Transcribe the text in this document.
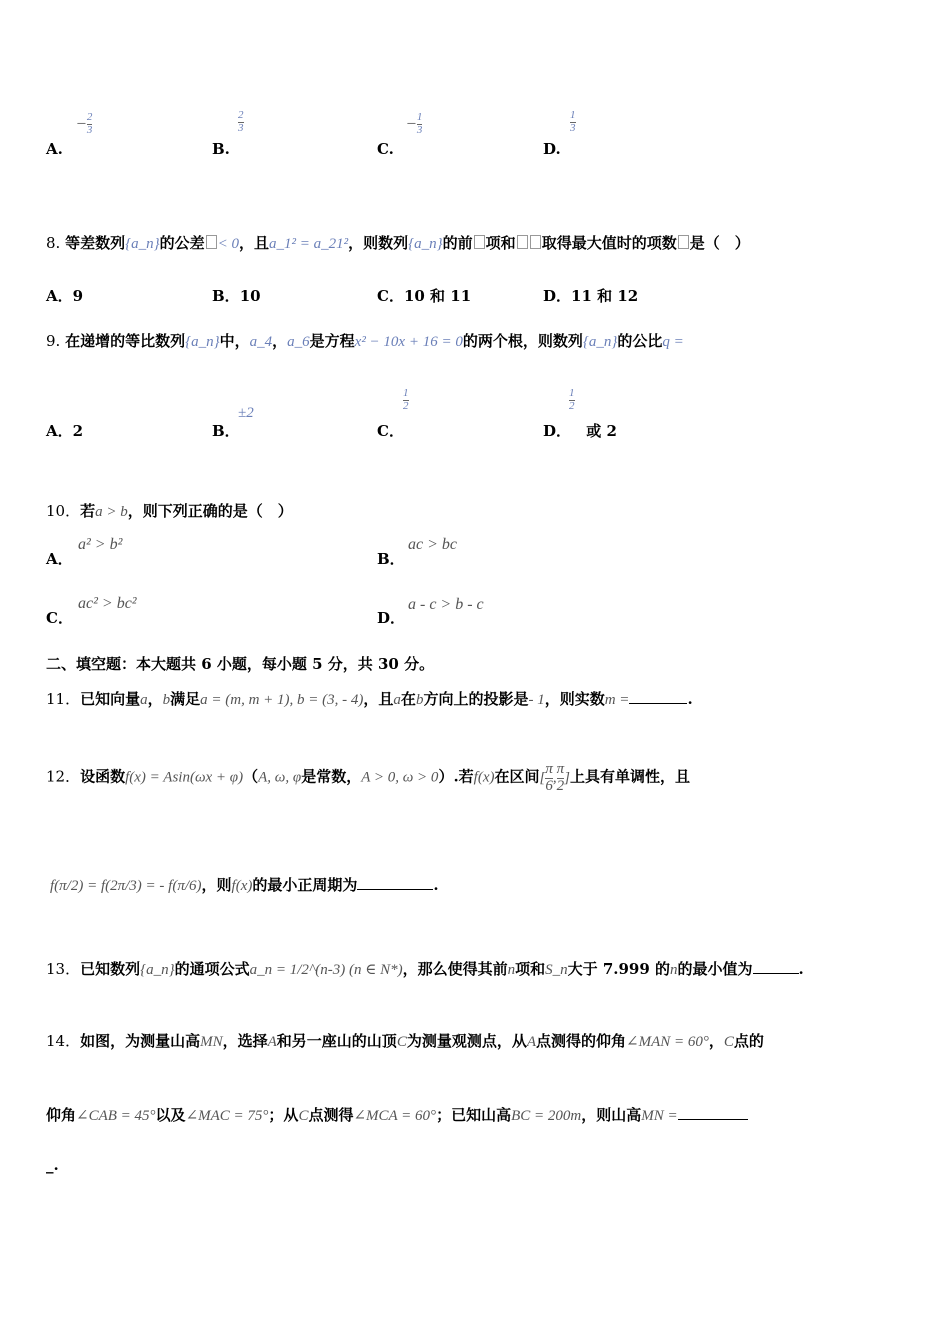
A.
− $\frac{2}{3}$
B.
$\frac{2}{3}$
C.
− $\frac{1}{3}$
D.
$\frac{1}{3}$
8. 等差数列{a_n}的公差 < 0，且a_1² = a_21²，则数列{a_n}的前 项和 取得最大值时的项数 是（　）
A．9	B．10	C．10 和 11	D．11 和 12
9. 在递增的等比数列{a_n}中，a_4，a_6是方程x² − 10x + 16 = 0的两个根，则数列{a_n}的公比q =
A．2	B．
±2
C．
$\frac{1}{2}$
D． 或 2
$\frac{1}{2}$
10．若a > b，则下列正确的是（　）
A．
a² > b²
B．
ac > bc
C．
ac² > bc²
D．
a - c > b - c
二、填空题：本大题共 6 小题，每小题 5 分，共 30 分。
11．已知向量a，b满足a = (m, m + 1), b = (3, - 4)，且a在b方向上的投影是- 1，则实数m =	.
12．设函数f(x) = Asin(ωx + φ)（A, ω, φ是常数，A > 0, ω > 0）.若f(x)在区间[ $\frac{\pi}{6}$ , $\frac{\pi}{2}$ ]上具有单调性，且
f(π/2) = f(2π/3) = - f(π/6)，则f(x)的最小正周期为	.
13．已知数列{a_n}的通项公式a_n = 1/2^(n-3) (n ∈ N*)，那么使得其前n项和S_n大于 7.999 的n的最小值为	.
14．如图，为测量山高MN，选择A和另一座山的山顶C为测量观测点，从A点测得的仰角∠MAN = 60°，C点的
仰角∠CAB = 45°以及∠MAC = 75°；从C点测得∠MCA = 60°；已知山高BC = 200m，则山高MN =
_.
